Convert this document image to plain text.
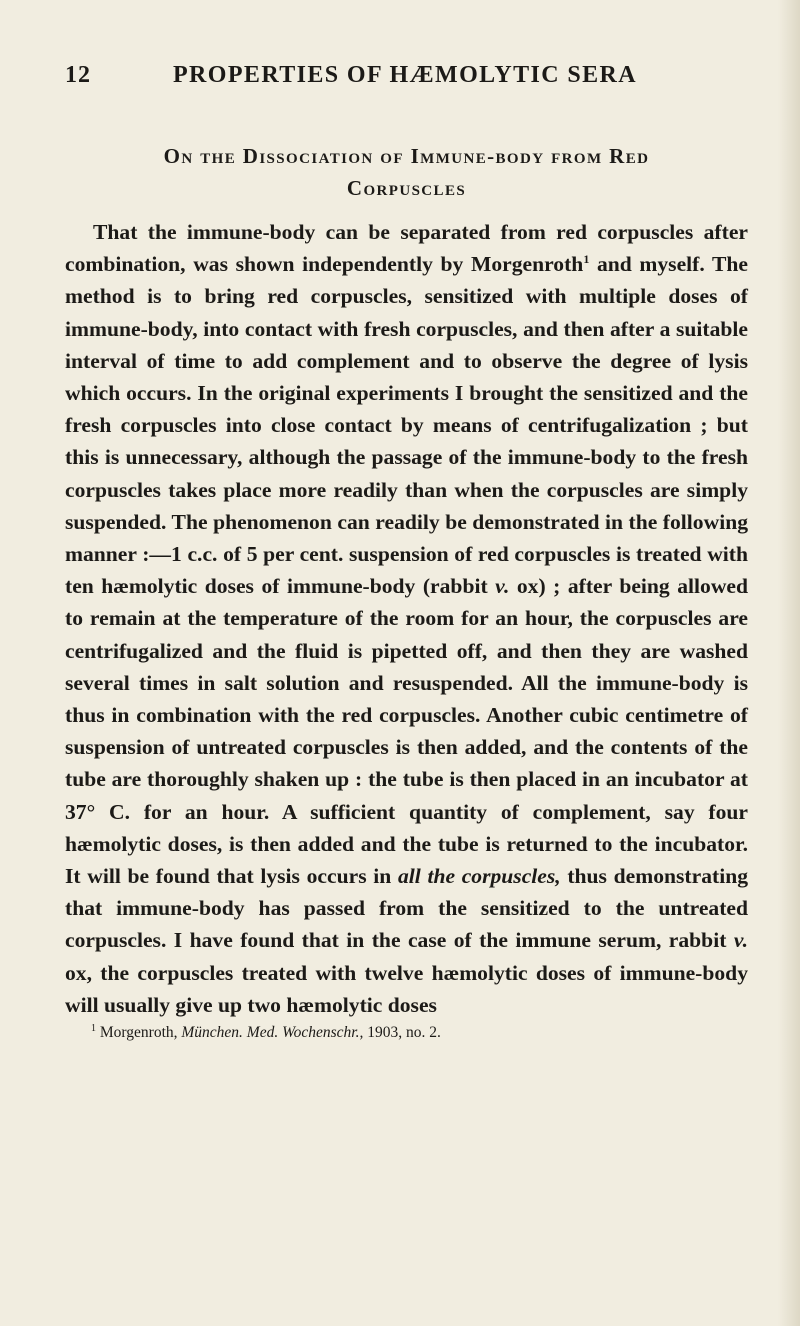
12	PROPERTIES OF HÆMOLYTIC SERA
On the Dissociation of Immune-body from Red
Corpuscles

That the immune-body can be separated from red corpuscles after combination, was shown independently by Morgenroth$^1$ and myself. The method is to bring red corpuscles, sensitized with multiple doses of immune-body, into contact with fresh corpuscles, and then after a suitable interval of time to add complement and to observe the degree of lysis which occurs. In the original experiments I brought the sensitized and the fresh corpuscles into close contact by means of centrifugalization ; but this is unnecessary, although the passage of the immune-body to the fresh corpuscles takes place more readily than when the corpuscles are simply suspended. The phenomenon can readily be demonstrated in the following manner :—1 c.c. of 5 per cent. suspension of red corpuscles is treated with ten hæmolytic doses of immune-body (rabbit v. ox) ; after being allowed to remain at the temperature of the room for an hour, the corpuscles are centrifugalized and the fluid is pipetted off, and then they are washed several times in salt solution and resuspended. All the immune-body is thus in combination with the red corpuscles. Another cubic centimetre of suspension of untreated corpuscles is then added, and the contents of the tube are thoroughly shaken up : the tube is then placed in an incubator at 37° C. for an hour. A sufficient quantity of complement, say four hæmolytic doses, is then added and the tube is returned to the incubator. It will be found that lysis occurs in all the corpuscles, thus demonstrating that immune-body has passed from the sensitized to the untreated corpuscles. I have found that in the case of the immune serum, rabbit v. ox, the corpuscles treated with twelve hæmolytic doses of immune-body will usually give up two hæmolytic doses

$^1$ Morgenroth, München. Med. Wochenschr., 1903, no. 2.
